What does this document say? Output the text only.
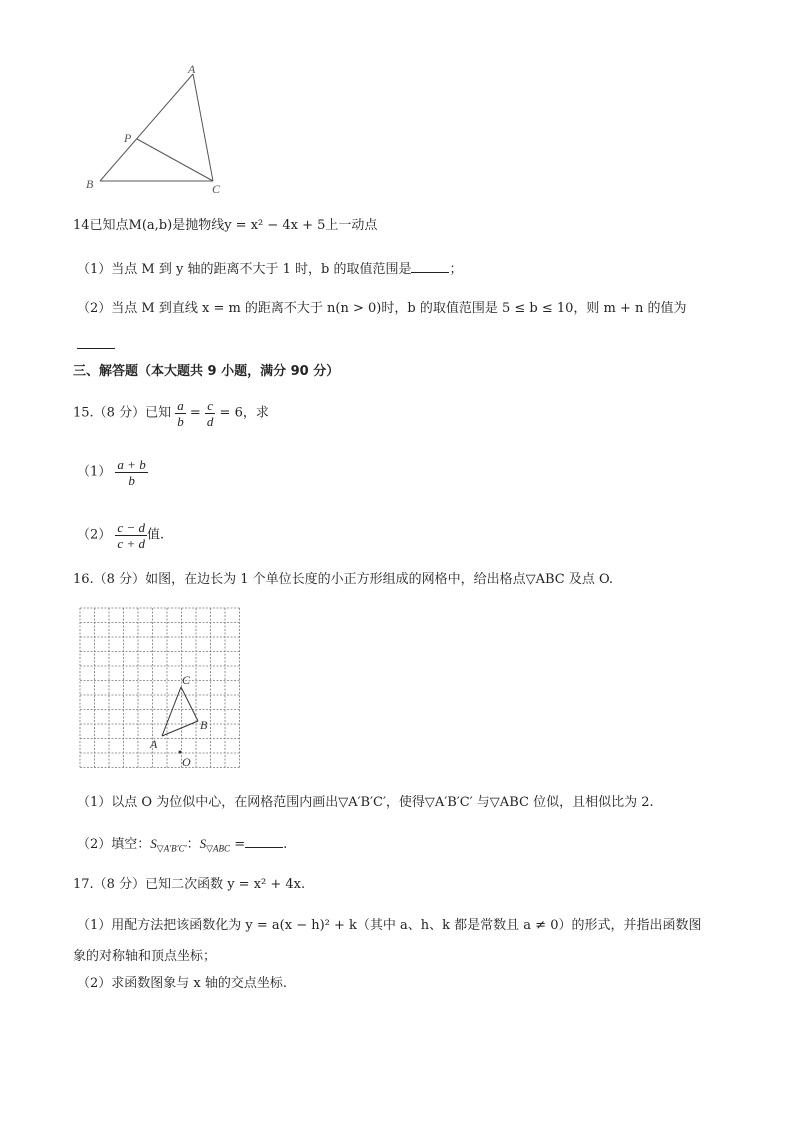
A
P
B	C
14已知点M(a,b)是抛物线y = x² − 4x + 5上一动点
（1）当点 M 到 y 轴的距离不大于 1 时，b 的取值范围是	；
（2）当点 M 到直线 x = m 的距离不大于 n(n > 0)时，b 的取值范围是 5 ≤ b ≤ 10，则 m + n 的值为
三、解答题（本大题共 9 小题，满分 90 分）
15.（8 分）已知 $\frac{a}{b} = \frac{c}{d} = 6$，求
$(1) \frac{a + b}{b}$
$(2) \frac{c - d}{c + d}$ 值.
16.（8 分）如图，在边长为 1 个单位长度的小正方形组成的网格中，给出格点▽ABC 及点 O.
C
B
A
O
（1）以点 O 为位似中心，在网格范围内画出▽A′B′C′，使得▽A′B′C′ 与▽ABC 位似，且相似比为 2.
（2）填空：$S_{▽A'B'C'}$：$S_{▽ABC}$ =	.
17.（8 分）已知二次函数 y = x² + 4x.
（1）用配方法把该函数化为 y = a(x − h)² + k（其中 a、h、k 都是常数且 a ≠ 0）的形式，并指出函数图
象的对称轴和顶点坐标；
（2）求函数图象与 x 轴的交点坐标.
